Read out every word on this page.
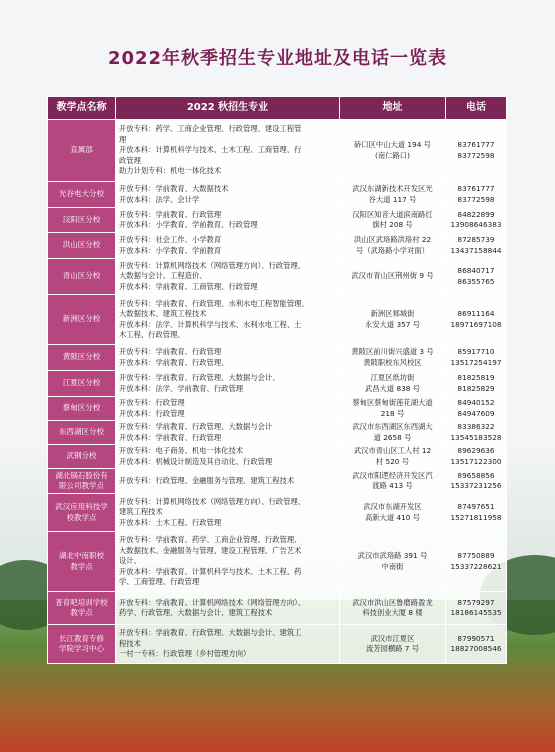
2022年秋季招生专业地址及电话一览表
教学点名称	2022 秋招生专业	地址	电话

直属部	开放专科：药学、工商企业管理、行政管理、建设工程管
理
开放本科：计算机科学与技术、土木工程、工商管理、行
政管理
助力计划专科：机电一体化技术	硚口区中山大道 194 号
(南仁路口)	83761777
83772598

光谷电大分校	开放专科：学前教育、大数据技术
开放本科：法学、会计学	武汉东湖新技术开发区光
谷大道 117 号	83761777
83772598

汉阳区分校	开放专科：学前教育、行政管理
开放本科：小学教育、学前教育、行政管理	汉阳区知音大道滨南路红
旗村 208 号	84822899
13908646383

洪山区分校	开放专科：社会工作、小学教育
开放本科：小学教育、学前教育	洪山区武珞路洪珞村 22
号（武珞路小学对面）	87285739
13437158844

青山区分校	开放专科：计算机网络技术（网络管理方向）、行政管理、
大数据与会计、工程造价、
开放本科：学前教育、工商管理、行政管理	武汉市青山区荆州街 9 号	86840717
86355765

新洲区分校	开放专科：学前教育、行政管理、水利水电工程智能管理、
大数据技术、建筑工程技术
开放本科：法学、计算机科学与技术、水利水电工程、土
木工程、行政管理、	新洲区邾城街
永安大道 357 号	86911164
18971697108

黄陂区分校	开放专科：学前教育、行政管理
开放本科：学前教育、行政管理、	黄陂区前川街兴盛道 3 号
黄陂职校东风校区	85917710
13517254197

江夏区分校	开放专科：学前教育、行政管理、大数据与会计、
开放本科：法学、学前教育、行政管理	江夏区纸坊街
武昌大道 838 号	81825819
81825829

蔡甸区分校	开放专科：行政管理
开放本科：行政管理	蔡甸区蔡甸街莲花湖大道
218 号	84940152
84947609

东西湖区分校	开放专科：学前教育、行政管理、大数据与会计
开放本科：学前教育、行政管理	武汉市东西湖区东西湖大
道 2658 号	83386322
13545183528

武钢分校	开放专科：电子商务、机电一体化技术
开放本科：机械设计制造及其自动化、行政管理	武汉市青山区工人村 12
村 520 号	89629636
13517122300

湖北锅石股份有
限公司教学点	开放专科：行政管理、金融服务与管理、建筑工程技术	武汉市阳逻经济开发区汽
渡路 413 号	89658856
15337231256

武汉应用科技学
校教学点	开放专科：计算机网络技术（网络管理方向）、行政管理、
建筑工程技术
开放本科：土木工程、行政管理	武汉市东湖开发区
高新大道 410 号	87497651
15271811958

湖北中南职校
教学点	开放专科：学前教育、药学、工商企业管理、行政管理、
大数据技术、金融服务与管理、建设工程管理、广告艺术
设计、
开放本科：学前教育、计算机科学与技术、土木工程、药
学、工商管理、行政管理	武汉市武珞路 391 号
中南街	87750889
15337228621

普育吧培训学校
教学点	开放专科：学前教育、计算机网络技术（网络管理方向）、
药学、行政管理、大数据与会计、建筑工程技术	武汉市洪山区鲁磨路盈龙
科技创业大厦 8 楼	87579297
18186145535

长江教育专修
学院学习中心	开放专科：学前教育、行政管理、大数据与会计、建筑工
程技术
一村一专科：行政管理（乡村管理方向）	武汉市江夏区
流芳园横路 7 号	87990571
18827008546
